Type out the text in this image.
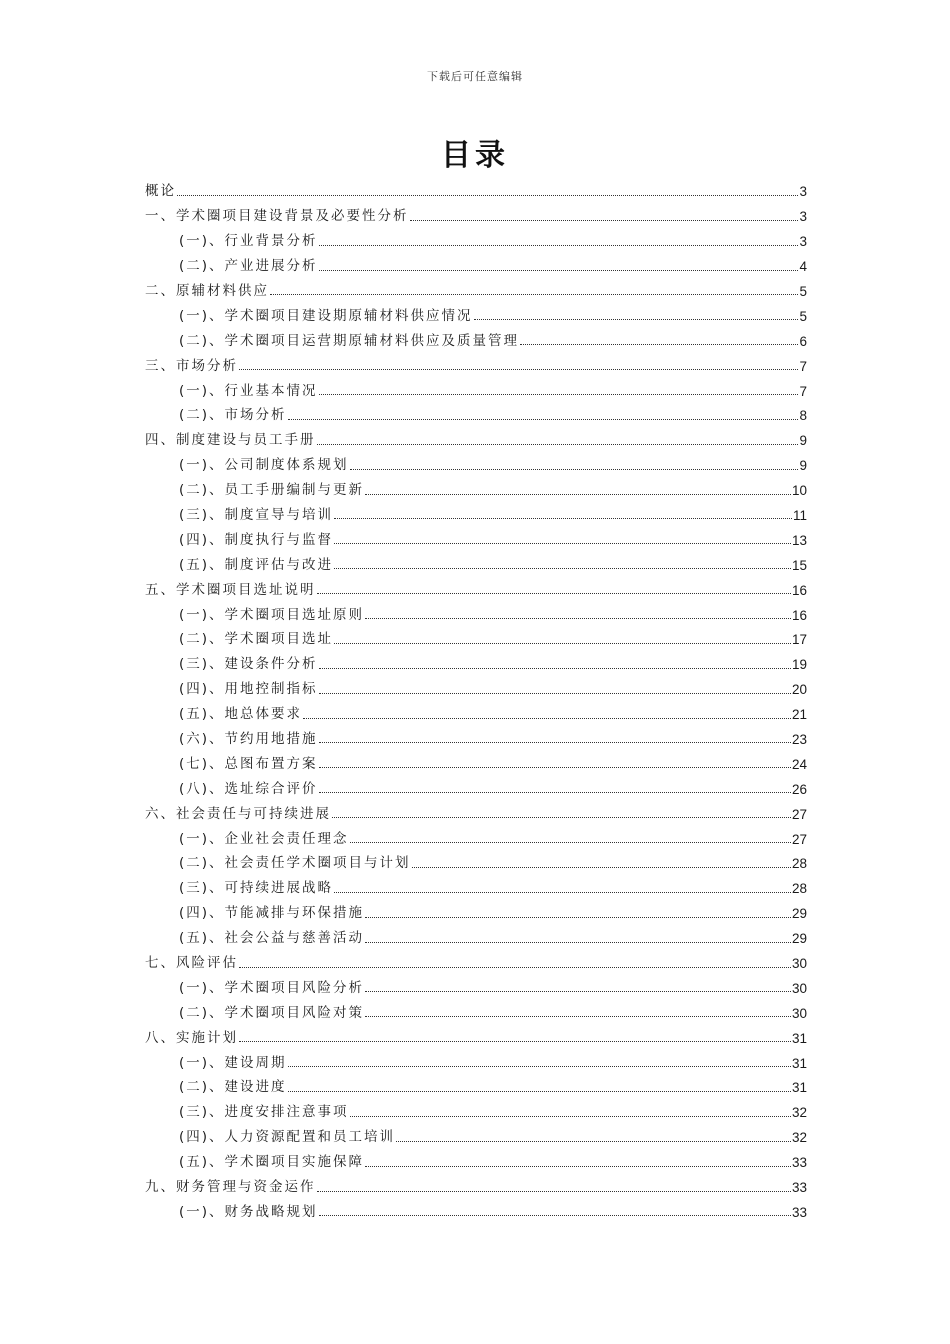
下载后可任意编辑
目录
概论	3
一、学术圈项目建设背景及必要性分析	3
(一)、行业背景分析	3
(二)、产业进展分析	4
二、原辅材料供应	5
(一)、学术圈项目建设期原辅材料供应情况	5
(二)、学术圈项目运营期原辅材料供应及质量管理	6
三、市场分析	7
(一)、行业基本情况	7
(二)、市场分析	8
四、制度建设与员工手册	9
(一)、公司制度体系规划	9
(二)、员工手册编制与更新	10
(三)、制度宣导与培训	11
(四)、制度执行与监督	13
(五)、制度评估与改进	15
五、学术圈项目选址说明	16
(一)、学术圈项目选址原则	16
(二)、学术圈项目选址	17
(三)、建设条件分析	19
(四)、用地控制指标	20
(五)、地总体要求	21
(六)、节约用地措施	23
(七)、总图布置方案	24
(八)、选址综合评价	26
六、社会责任与可持续进展	27
(一)、企业社会责任理念	27
(二)、社会责任学术圈项目与计划	28
(三)、可持续进展战略	28
(四)、节能减排与环保措施	29
(五)、社会公益与慈善活动	29
七、风险评估	30
(一)、学术圈项目风险分析	30
(二)、学术圈项目风险对策	30
八、实施计划	31
(一)、建设周期	31
(二)、建设进度	31
(三)、进度安排注意事项	32
(四)、人力资源配置和员工培训	32
(五)、学术圈项目实施保障	33
九、财务管理与资金运作	33
(一)、财务战略规划	33
